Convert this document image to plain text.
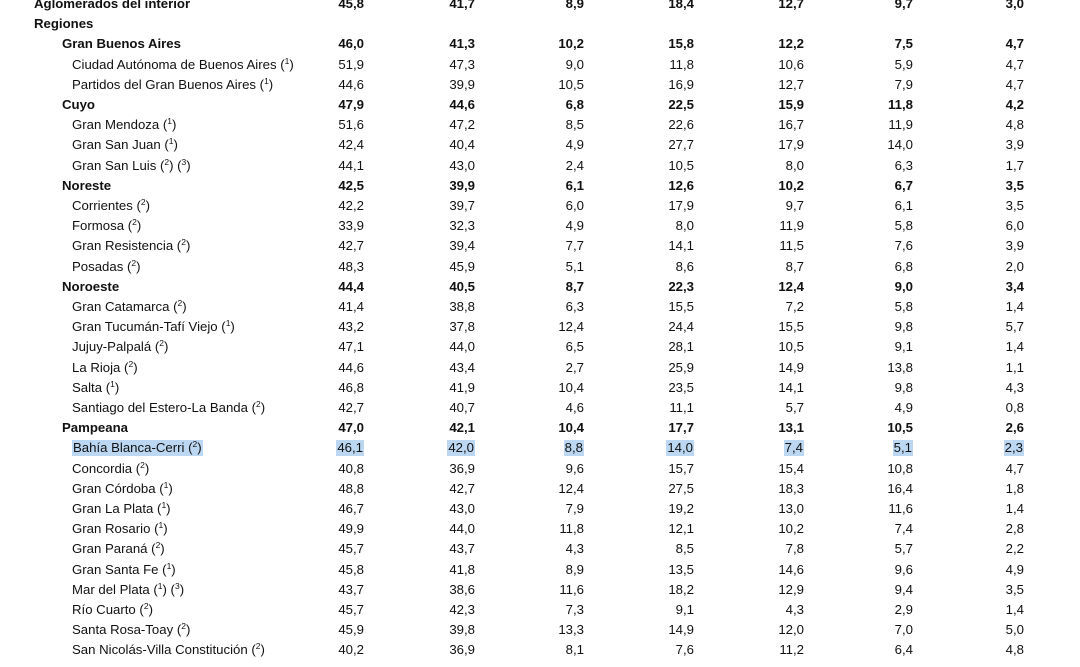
Aglomerados del interior	45,8	41,7	8,9	18,4	12,7	9,7	3,0
Regiones
Gran Buenos Aires	46,0	41,3	10,2	15,8	12,2	7,5	4,7
Ciudad Autónoma de Buenos Aires ($^1$)	51,9	47,3	9,0	11,8	10,6	5,9	4,7
Partidos del Gran Buenos Aires ($^1$)	44,6	39,9	10,5	16,9	12,7	7,9	4,7
Cuyo	47,9	44,6	6,8	22,5	15,9	11,8	4,2
Gran Mendoza ($^1$)	51,6	47,2	8,5	22,6	16,7	11,9	4,8
Gran San Juan ($^1$)	42,4	40,4	4,9	27,7	17,9	14,0	3,9
Gran San Luis ($^2$) ($^3$)	44,1	43,0	2,4	10,5	8,0	6,3	1,7
Noreste	42,5	39,9	6,1	12,6	10,2	6,7	3,5
Corrientes ($^2$)	42,2	39,7	6,0	17,9	9,7	6,1	3,5
Formosa ($^2$)	33,9	32,3	4,9	8,0	11,9	5,8	6,0
Gran Resistencia ($^2$)	42,7	39,4	7,7	14,1	11,5	7,6	3,9
Posadas ($^2$)	48,3	45,9	5,1	8,6	8,7	6,8	2,0
Noroeste	44,4	40,5	8,7	22,3	12,4	9,0	3,4
Gran Catamarca ($^2$)	41,4	38,8	6,3	15,5	7,2	5,8	1,4
Gran Tucumán-Tafí Viejo ($^1$)	43,2	37,8	12,4	24,4	15,5	9,8	5,7
Jujuy-Palpalá ($^2$)	47,1	44,0	6,5	28,1	10,5	9,1	1,4
La Rioja ($^2$)	44,6	43,4	2,7	25,9	14,9	13,8	1,1
Salta ($^1$)	46,8	41,9	10,4	23,5	14,1	9,8	4,3
Santiago del Estero-La Banda ($^2$)	42,7	40,7	4,6	11,1	5,7	4,9	0,8
Pampeana	47,0	42,1	10,4	17,7	13,1	10,5	2,6
Bahía Blanca-Cerri ($^2$)	46,1	42,0	8,8	14,0	7,4	5,1	2,3
Concordia ($^2$)	40,8	36,9	9,6	15,7	15,4	10,8	4,7
Gran Córdoba ($^1$)	48,8	42,7	12,4	27,5	18,3	16,4	1,8
Gran La Plata ($^1$)	46,7	43,0	7,9	19,2	13,0	11,6	1,4
Gran Rosario ($^1$)	49,9	44,0	11,8	12,1	10,2	7,4	2,8
Gran Paraná ($^2$)	45,7	43,7	4,3	8,5	7,8	5,7	2,2
Gran Santa Fe ($^1$)	45,8	41,8	8,9	13,5	14,6	9,6	4,9
Mar del Plata ($^1$) ($^3$)	43,7	38,6	11,6	18,2	12,9	9,4	3,5
Río Cuarto ($^2$)	45,7	42,3	7,3	9,1	4,3	2,9	1,4
Santa Rosa-Toay ($^2$)	45,9	39,8	13,3	14,9	12,0	7,0	5,0
San Nicolás-Villa Constitución ($^2$)	40,2	36,9	8,1	7,6	11,2	6,4	4,8
